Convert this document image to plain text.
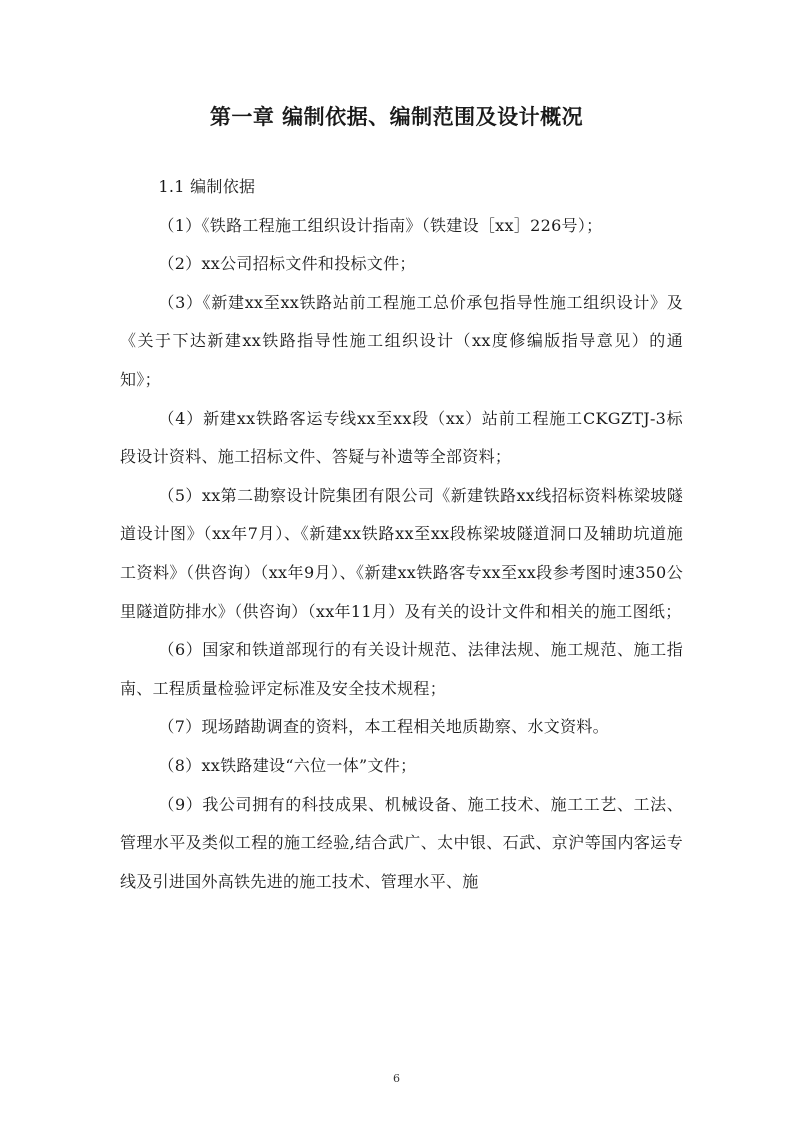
第一章 编制依据、编制范围及设计概况

1.1 编制依据

（1）《铁路工程施工组织设计指南》（铁建设［xx］226号）；

（2）xx公司招标文件和投标文件；

（3）《新建xx至xx铁路站前工程施工总价承包指导性施工组织设计》及《关于下达新建xx铁路指导性施工组织设计（xx度修编版指导意见）的通知》；

（4）新建xx铁路客运专线xx至xx段（xx）站前工程施工CKGZTJ-3标段设计资料、施工招标文件、答疑与补遗等全部资料；

（5）xx第二勘察设计院集团有限公司《新建铁路xx线招标资料栋梁坡隧道设计图》（xx年7月）、《新建xx铁路xx至xx段栋梁坡隧道洞口及辅助坑道施工资料》（供咨询）（xx年9月）、《新建xx铁路客专xx至xx段参考图时速350公里隧道防排水》（供咨询）（xx年11月）及有关的设计文件和相关的施工图纸；

（6）国家和铁道部现行的有关设计规范、法律法规、施工规范、施工指南、工程质量检验评定标准及安全技术规程；

（7）现场踏勘调查的资料，本工程相关地质勘察、水文资料。

（8）xx铁路建设“六位一体”文件；

（9）我公司拥有的科技成果、机械设备、施工技术、施工工艺、工法、管理水平及类似工程的施工经验,结合武广、太中银、石武、京沪等国内客运专线及引进国外高铁先进的施工技术、管理水平、施

6
